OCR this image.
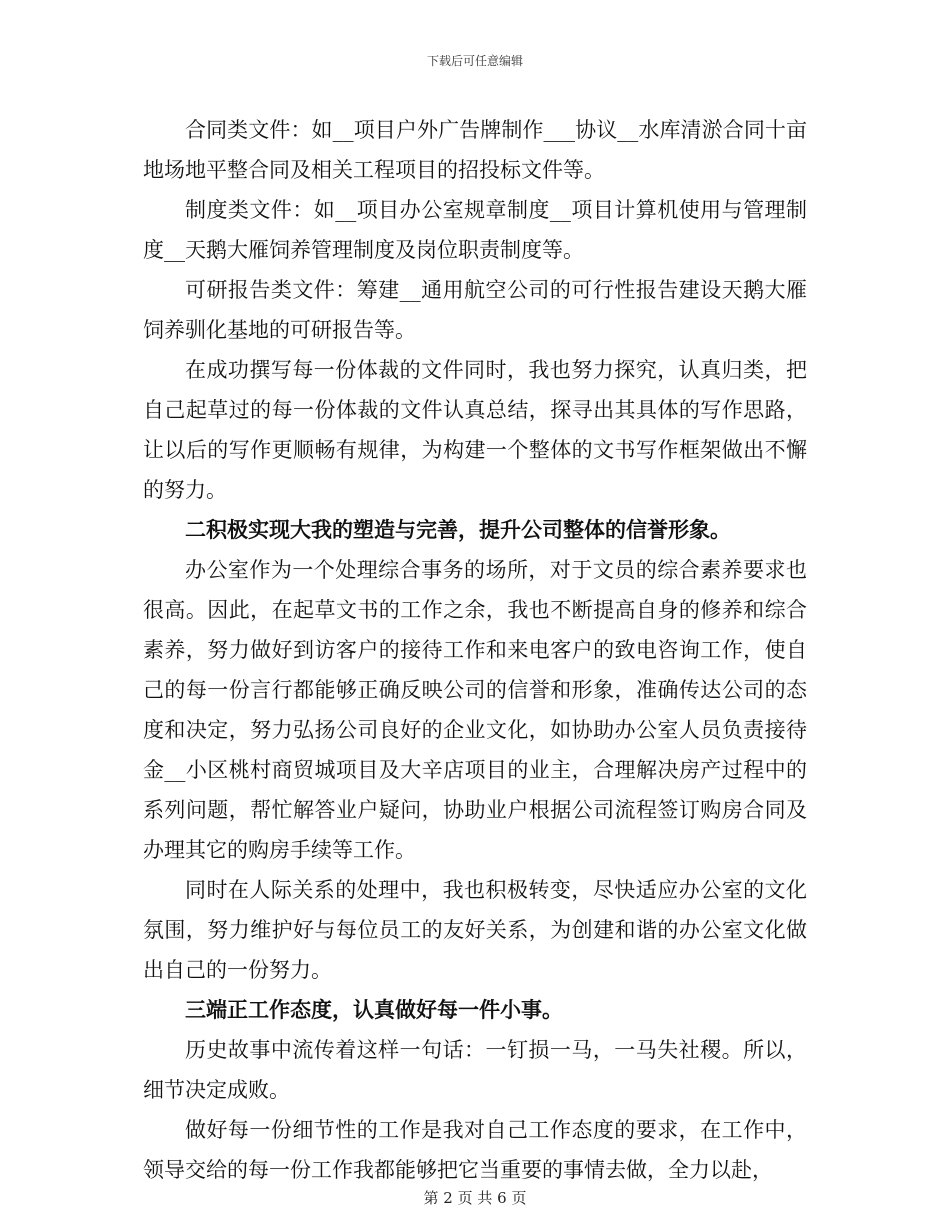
下载后可任意编辑

合同类文件：如__项目户外广告牌制作___协议__水库清淤合同十亩地场地平整合同及相关工程项目的招投标文件等。

制度类文件：如__项目办公室规章制度__项目计算机使用与管理制度__天鹅大雁饲养管理制度及岗位职责制度等。

可研报告类文件：筹建__通用航空公司的可行性报告建设天鹅大雁饲养驯化基地的可研报告等。

在成功撰写每一份体裁的文件同时，我也努力探究，认真归类，把自己起草过的每一份体裁的文件认真总结，探寻出其具体的写作思路，让以后的写作更顺畅有规律，为构建一个整体的文书写作框架做出不懈的努力。

二积极实现大我的塑造与完善，提升公司整体的信誉形象。

办公室作为一个处理综合事务的场所，对于文员的综合素养要求也很高。因此，在起草文书的工作之余，我也不断提高自身的修养和综合素养，努力做好到访客户的接待工作和来电客户的致电咨询工作，使自己的每一份言行都能够正确反映公司的信誉和形象，准确传达公司的态度和决定，努力弘扬公司良好的企业文化，如协助办公室人员负责接待金__小区桃村商贸城项目及大辛店项目的业主，合理解决房产过程中的系列问题，帮忙解答业户疑问，协助业户根据公司流程签订购房合同及办理其它的购房手续等工作。

同时在人际关系的处理中，我也积极转变，尽快适应办公室的文化氛围，努力维护好与每位员工的友好关系，为创建和谐的办公室文化做出自己的一份努力。

三端正工作态度，认真做好每一件小事。

历史故事中流传着这样一句话：一钉损一马，一马失社稷。所以，细节决定成败。

做好每一份细节性的工作是我对自己工作态度的要求，在工作中，领导交给的每一份工作我都能够把它当重要的事情去做，全力以赴，

第 2 页 共 6 页
